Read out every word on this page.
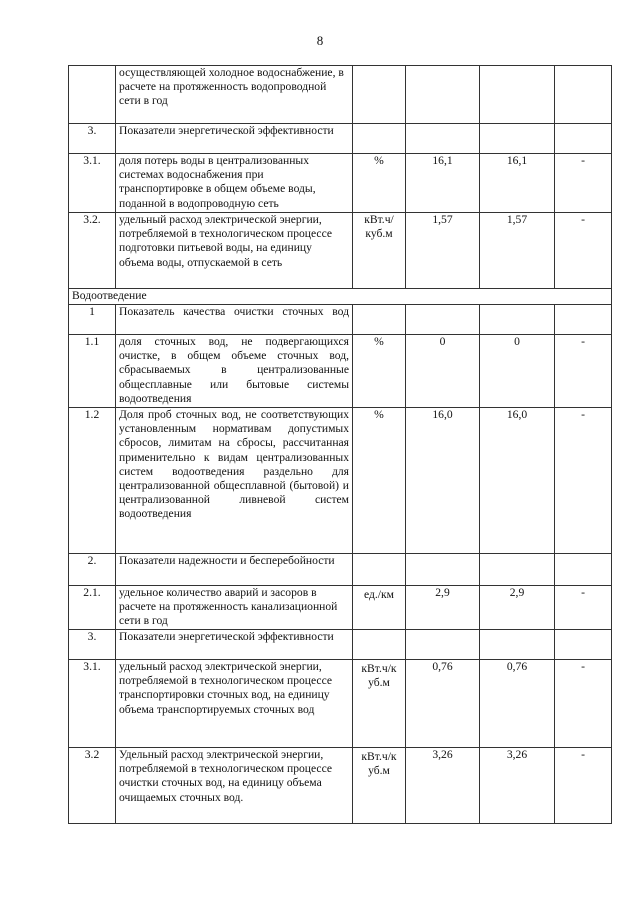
8
	осуществляющей холодное водоснабжение, в расчете на протяженность водопроводной сети в год				
3.	Показатели энергетической эффективности				
3.1.	доля потерь воды в централизованных системах водоснабжения при транспортировке в общем объеме воды, поданной в водопроводную сеть	%	16,1	16,1	-
3.2.	удельный расход электрической энергии, потребляемой в технологическом процессе подготовки питьевой воды, на единицу объема воды, отпускаемой в сеть	кВт.ч/ куб.м	1,57	1,57	-
Водоотведение					
1	Показатель качества очистки сточных вод				
1.1	доля сточных вод, не подвергающихся очистке, в общем объеме сточных вод, сбрасываемых в централизованные общесплавные или бытовые системы водоотведения	%	0	0	-
1.2	Доля проб сточных вод, не соответствующих установленным нормативам допустимых сбросов, лимитам на сбросы, рассчитанная применительно к видам централизованных систем водоотведения раздельно для централизованной общесплавной (бытовой) и централизованной ливневой систем водоотведения	%	16,0	16,0	-
2.	Показатели надежности и бесперебойности				
2.1.	удельное количество аварий и засоров в расчете на протяженность канализационной сети в год	ед./км	2,9	2,9	-
3.	Показатели энергетической эффективности				
3.1.	удельный расход электрической энергии, потребляемой в технологическом процессе транспортировки сточных вод, на единицу объема транспортируемых сточных вод	кВт.ч/к уб.м	0,76	0,76	-
3.2	Удельный расход электрической энергии, потребляемой в технологическом процессе очистки сточных вод, на единицу объема очищаемых сточных вод.	кВт.ч/к уб.м	3,26	3,26	-
